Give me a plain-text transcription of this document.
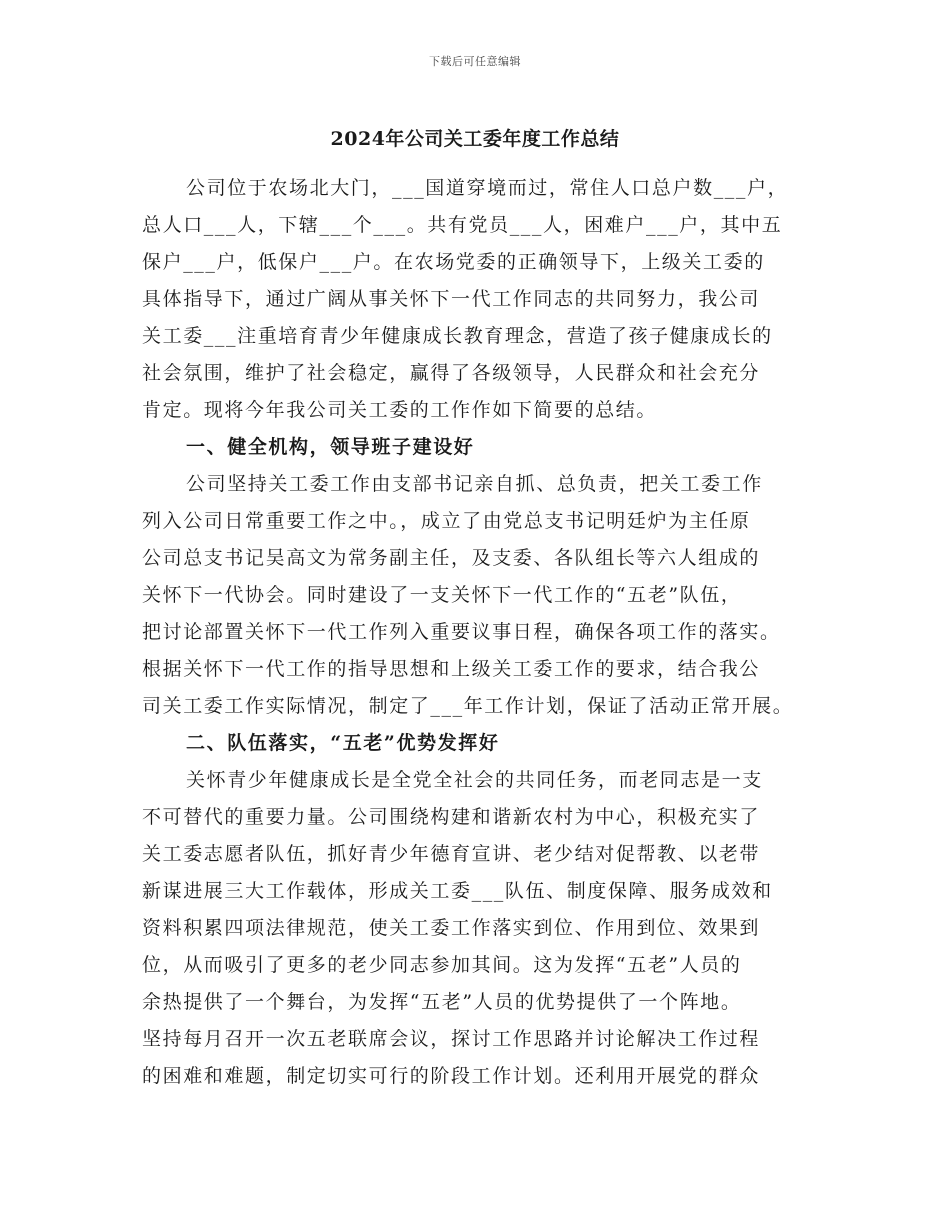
下载后可任意编辑
2024年公司关工委年度工作总结
公司位于农场北大门，___国道穿境而过，常住人口总户数___户，
总人口___人，下辖___个___。共有党员___人，困难户___户，其中五
保户___户，低保户___户。在农场党委的正确领导下，上级关工委的
具体指导下，通过广阔从事关怀下一代工作同志的共同努力，我公司
关工委___注重培育青少年健康成长教育理念，营造了孩子健康成长的
社会氛围，维护了社会稳定，赢得了各级领导，人民群众和社会充分
肯定。现将今年我公司关工委的工作作如下简要的总结。
一、健全机构，领导班子建设好
公司坚持关工委工作由支部书记亲自抓、总负责，把关工委工作
列入公司日常重要工作之中。，成立了由党总支书记明廷炉为主任原
公司总支书记吴高文为常务副主任，及支委、各队组长等六人组成的
关怀下一代协会。同时建设了一支关怀下一代工作的“五老”队伍，
把讨论部置关怀下一代工作列入重要议事日程，确保各项工作的落实。
根据关怀下一代工作的指导思想和上级关工委工作的要求，结合我公
司关工委工作实际情况，制定了___年工作计划，保证了活动正常开展。
二、队伍落实，“五老”优势发挥好
关怀青少年健康成长是全党全社会的共同任务，而老同志是一支
不可替代的重要力量。公司围绕构建和谐新农村为中心，积极充实了
关工委志愿者队伍，抓好青少年德育宣讲、老少结对促帮教、以老带
新谋进展三大工作载体，形成关工委___队伍、制度保障、服务成效和
资料积累四项法律规范，使关工委工作落实到位、作用到位、效果到
位，从而吸引了更多的老少同志参加其间。这为发挥“五老”人员的
余热提供了一个舞台，为发挥“五老”人员的优势提供了一个阵地。
坚持每月召开一次五老联席会议，探讨工作思路并讨论解决工作过程
的困难和难题，制定切实可行的阶段工作计划。还利用开展党的群众
